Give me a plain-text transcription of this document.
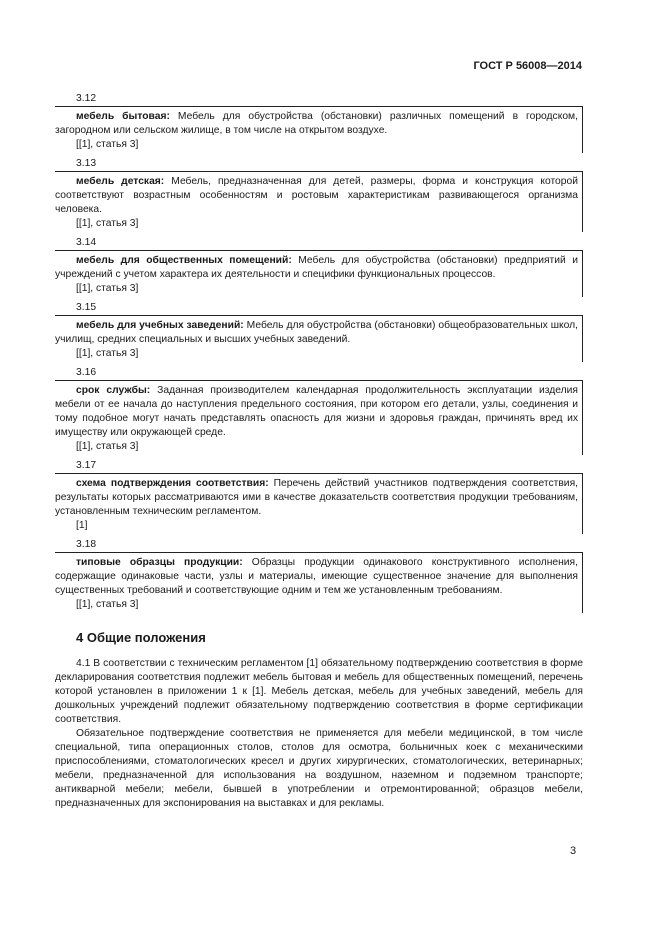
ГОСТ Р 56008—2014
3.12

мебель бытовая: Мебель для обустройства (обстановки) различных помещений в городском, загородном или сельском жилище, в том числе на открытом воздухе.

[[1], статья 3]
3.13

мебель детская: Мебель, предназначенная для детей, размеры, форма и конструкция которой соответствуют возрастным особенностям и ростовым характеристикам развивающегося организма человека.

[[1], статья 3]
3.14

мебель для общественных помещений: Мебель для обустройства (обстановки) предприятий и учреждений с учетом характера их деятельности и специфики функциональных процессов.

[[1], статья 3]
3.15

мебель для учебных заведений: Мебель для обустройства (обстановки) общеобразовательных школ, училищ, средних специальных и высших учебных заведений.

[[1], статья 3]
3.16

срок службы: Заданная производителем календарная продолжительность эксплуатации изделия мебели от ее начала до наступления предельного состояния, при котором его детали, узлы, соединения и тому подобное могут начать представлять опасность для жизни и здоровья граждан, причинять вред их имуществу или окружающей среде.

[[1], статья 3]
3.17

схема подтверждения соответствия: Перечень действий участников подтверждения соответствия, результаты которых рассматриваются ими в качестве доказательств соответствия продукции требованиям, установленным техническим регламентом.

[1]
3.18

типовые образцы продукции: Образцы продукции одинакового конструктивного исполнения, содержащие одинаковые части, узлы и материалы, имеющие существенное значение для выполнения существенных требований и соответствующие одним и тем же установленным требованиям.

[[1], статья 3]
4 Общие положения

4.1 В соответствии с техническим регламентом [1] обязательному подтверждению соответствия в форме декларирования соответствия подлежит мебель бытовая и мебель для общественных помещений, перечень которой установлен в приложении 1 к [1]. Мебель детская, мебель для учебных заведений, мебель для дошкольных учреждений подлежит обязательному подтверждению соответствия в форме сертификации соответствия.

Обязательное подтверждение соответствия не применяется для мебели медицинской, в том числе специальной, типа операционных столов, столов для осмотра, больничных коек с механическими приспособлениями, стоматологических кресел и других хирургических, стоматологических, ветеринарных; мебели, предназначенной для использования на воздушном, наземном и подземном транспорте; антикварной мебели; мебели, бывшей в употреблении и отремонтированной; образцов мебели, предназначенных для экспонирования на выставках и для рекламы.

3
